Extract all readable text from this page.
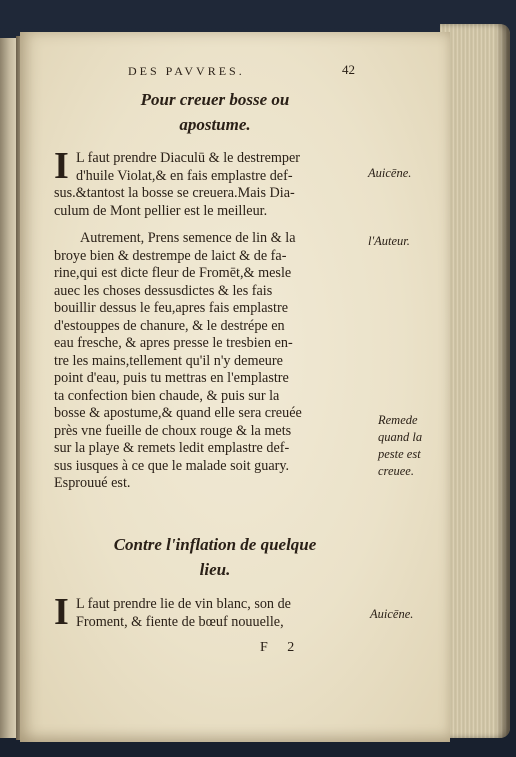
DES PAVVRES.	42
Pour creuer bosse ou
apostume.
I L faut prendre Diaculū & le destremper
d'huile Violat,& en fais emplastre def-
sus.&tantost la bosse se creuera.Mais Dia-
culum de Mont pellier est le meilleur.
Autrement, Prens semence de lin & la
broye bien & destrempe de laict & de fa-
rine,qui est dicte fleur de Fromēt,& mesle
auec les choses dessusdictes & les fais
bouillir dessus le feu,apres fais emplastre
d'estouppes de chanure, & le destrépe en
eau fresche, & apres presse le tresbien en-
tre les mains,tellement qu'il n'y demeure
point d'eau, puis tu mettras en l'emplastre
ta confection bien chaude, & puis sur la
bosse & apostume,& quand elle sera creuée
près vne fueille de choux rouge & la mets
sur la playe & remets ledit emplastre def-
sus iusques à ce que le malade soit guary.
Esprouué est.
Contre l'inflation de quelque
lieu.
I L faut prendre lie de vin blanc, son de
Froment, & fiente de bœuf nouuelle,
Auicēne.
l'Auteur.
Remede
quand la
peste est
creuee.
Auicēne.
F 2
